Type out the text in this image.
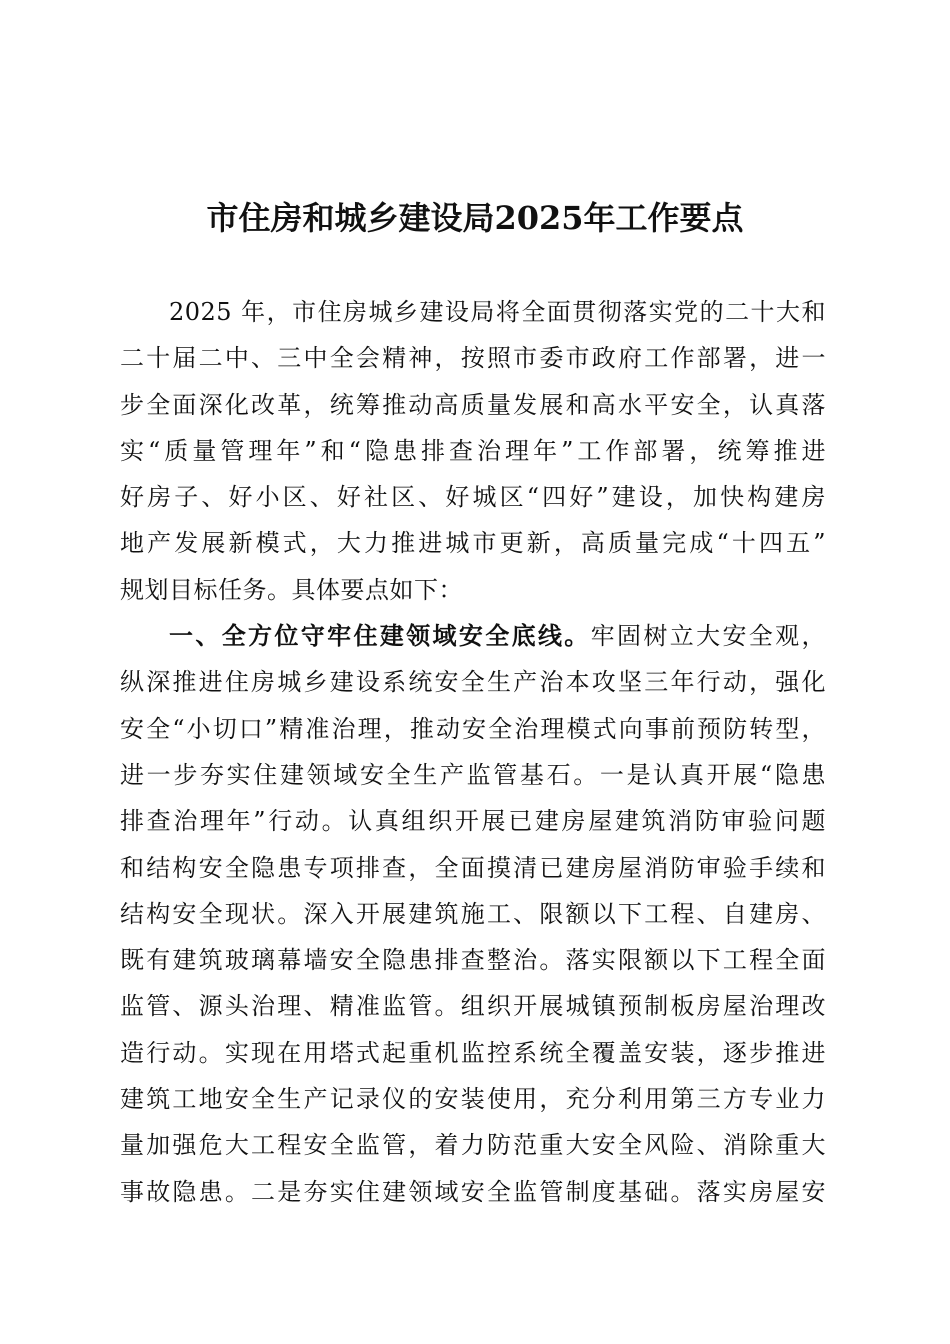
市住房和城乡建设局2025年工作要点
2025 年，市住房城乡建设局将全面贯彻落实党的二十大和
二十届二中、三中全会精神，按照市委市政府工作部署，进一
步全面深化改革，统筹推动高质量发展和高水平安全，认真落
实“质量管理年”和“隐患排查治理年”工作部署，统筹推进
好房子、好小区、好社区、好城区“四好”建设，加快构建房
地产发展新模式，大力推进城市更新，高质量完成“十四五”
规划目标任务。具体要点如下：
一、全方位守牢住建领域安全底线。牢固树立大安全观，
纵深推进住房城乡建设系统安全生产治本攻坚三年行动，强化
安全“小切口”精准治理，推动安全治理模式向事前预防转型，
进一步夯实住建领域安全生产监管基石。一是认真开展“隐患
排查治理年”行动。认真组织开展已建房屋建筑消防审验问题
和结构安全隐患专项排查，全面摸清已建房屋消防审验手续和
结构安全现状。深入开展建筑施工、限额以下工程、自建房、
既有建筑玻璃幕墙安全隐患排查整治。落实限额以下工程全面
监管、源头治理、精准监管。组织开展城镇预制板房屋治理改
造行动。实现在用塔式起重机监控系统全覆盖安装，逐步推进
建筑工地安全生产记录仪的安装使用，充分利用第三方专业力
量加强危大工程安全监管，着力防范重大安全风险、消除重大
事故隐患。二是夯实住建领域安全监管制度基础。落实房屋安
